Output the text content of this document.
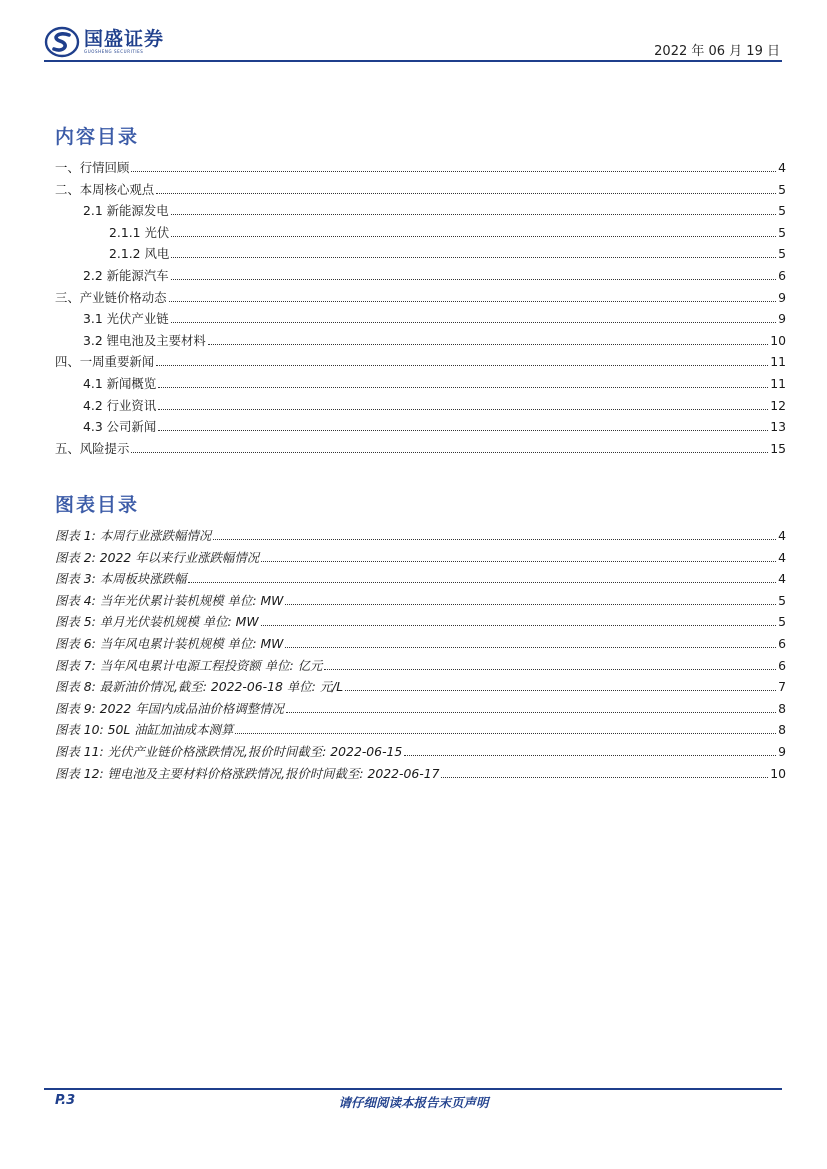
国盛证券
GUOSHENG SECURITIES	2022 年 06 月 19 日
内容目录
一、行情回顾	4
二、本周核心观点	5
2.1 新能源发电	5
2.1.1 光伏	5
2.1.2 风电	5
2.2 新能源汽车	6
三、产业链价格动态	9
3.1 光伏产业链	9
3.2 锂电池及主要材料	10
四、一周重要新闻	11
4.1 新闻概览	11
4.2 行业资讯	12
4.3 公司新闻	13
五、风险提示	15
图表目录
图表 1: 本周行业涨跌幅情况	4
图表 2: 2022 年以来行业涨跌幅情况	4
图表 3: 本周板块涨跌幅	4
图表 4: 当年光伏累计装机规模 单位: MW	5
图表 5: 单月光伏装机规模 单位: MW	5
图表 6: 当年风电累计装机规模 单位: MW	6
图表 7: 当年风电累计电源工程投资额 单位: 亿元	6
图表 8: 最新油价情况,截至: 2022-06-18 单位: 元/L	7
图表 9: 2022 年国内成品油价格调整情况	8
图表 10: 50L 油缸加油成本测算	8
图表 11: 光伏产业链价格涨跌情况,报价时间截至: 2022-06-15	9
图表 12: 锂电池及主要材料价格涨跌情况,报价时间截至: 2022-06-17	10
P.3	请仔细阅读本报告末页声明
